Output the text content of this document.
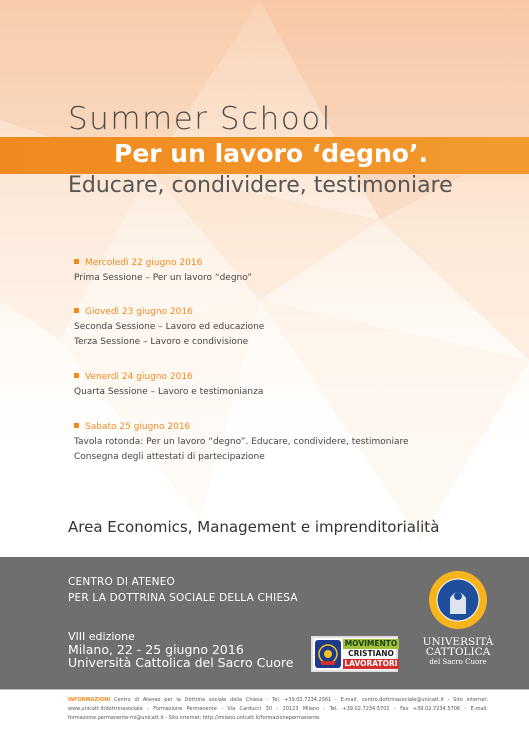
Summer School
Per un lavoro ‘degno’.
Educare, condividere, testimoniare
Mercoledì 22 giugno 2016
Prima Sessione – Per un lavoro “degno”
Giovedì 23 giugno 2016
Seconda Sessione – Lavoro ed educazione
Terza Sessione – Lavoro e condivisione
Venerdì 24 giugno 2016
Quarta Sessione – Lavoro e testimonianza
Sabato 25 giugno 2016
Tavola rotonda: Per un lavoro “degno”. Educare, condividere, testimoniare
Consegna degli attestati di partecipazione
Area Economics, Management e imprenditorialità
CENTRO DI ATENEO
PER LA DOTTRINA SOCIALE DELLA CHIESA
VIII edizione
Milano, 22 - 25 giugno 2016
Università Cattolica del Sacro Cuore
MOVIMENTO
CRISTIANO
LAVORATORI
UNIVERSITÀ
CATTOLICA
del Sacro Cuore
INFORMAZIONI Centro di Ateneo per la Dottrina sociale della Chiesa - Tel. +39.02.7234.2561 - E-mail: centro.dottrinasociale@unicatt.it - Sito internet: www.unicatt.it/dottrinasociale - Formazione Permanente - Via Carducci 30 - 20123 Milano - Tel. +39.02.7234.5701 - Fax +39.02.7234.5706 - E-mail: formazione.permanente-mi@unicatt.it - Sito internet: http://milano.unicatt.it/formazionepermanente
